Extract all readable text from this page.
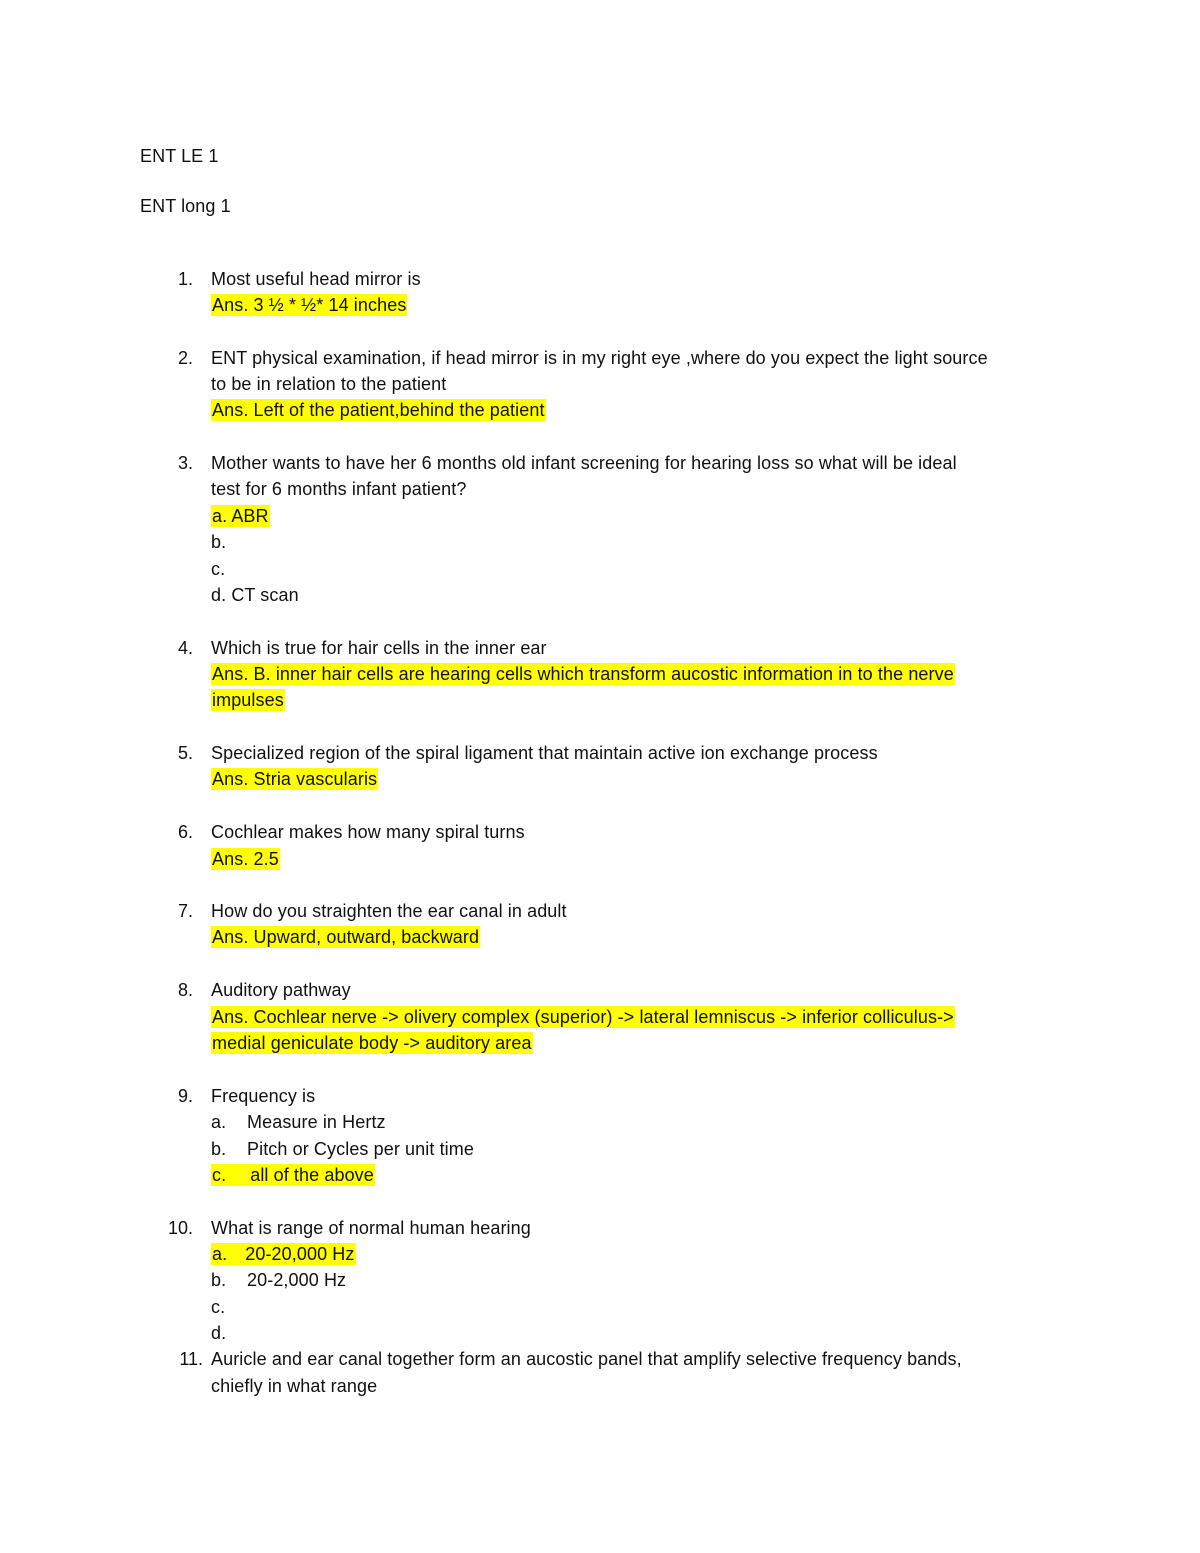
ENT LE 1
ENT long 1
1. Most useful head mirror is
Ans. 3 ½ * ½* 14 inches
2. ENT physical examination, if head mirror is in my right eye ,where do you expect the light source
to be in relation to the patient
Ans. Left of the patient,behind the patient
3. Mother wants to have her 6 months old infant screening for hearing loss so what will be ideal
test for 6 months infant patient?
a. ABR
b.
c.
d. CT scan
4. Which is true for hair cells in the inner ear
Ans. B. inner hair cells are hearing cells which transform aucostic information in to the nerve
impulses
5. Specialized region of the spiral ligament that maintain active ion exchange process
Ans. Stria vascularis
6. Cochlear makes how many spiral turns
Ans. 2.5
7. How do you straighten the ear canal in adult
Ans. Upward, outward, backward
8. Auditory pathway
Ans. Cochlear nerve -> olivery complex (superior) -> lateral lemniscus -> inferior colliculus->
medial geniculate body -> auditory area
9. Frequency is
a. Measure in Hertz
b. Pitch or Cycles per unit time
c. all of the above
10. What is range of normal human hearing
a. 20-20,000 Hz
b. 20-2,000 Hz
c.
d.
11. Auricle and ear canal together form an aucostic panel that amplify selective frequency bands,
chiefly in what range
